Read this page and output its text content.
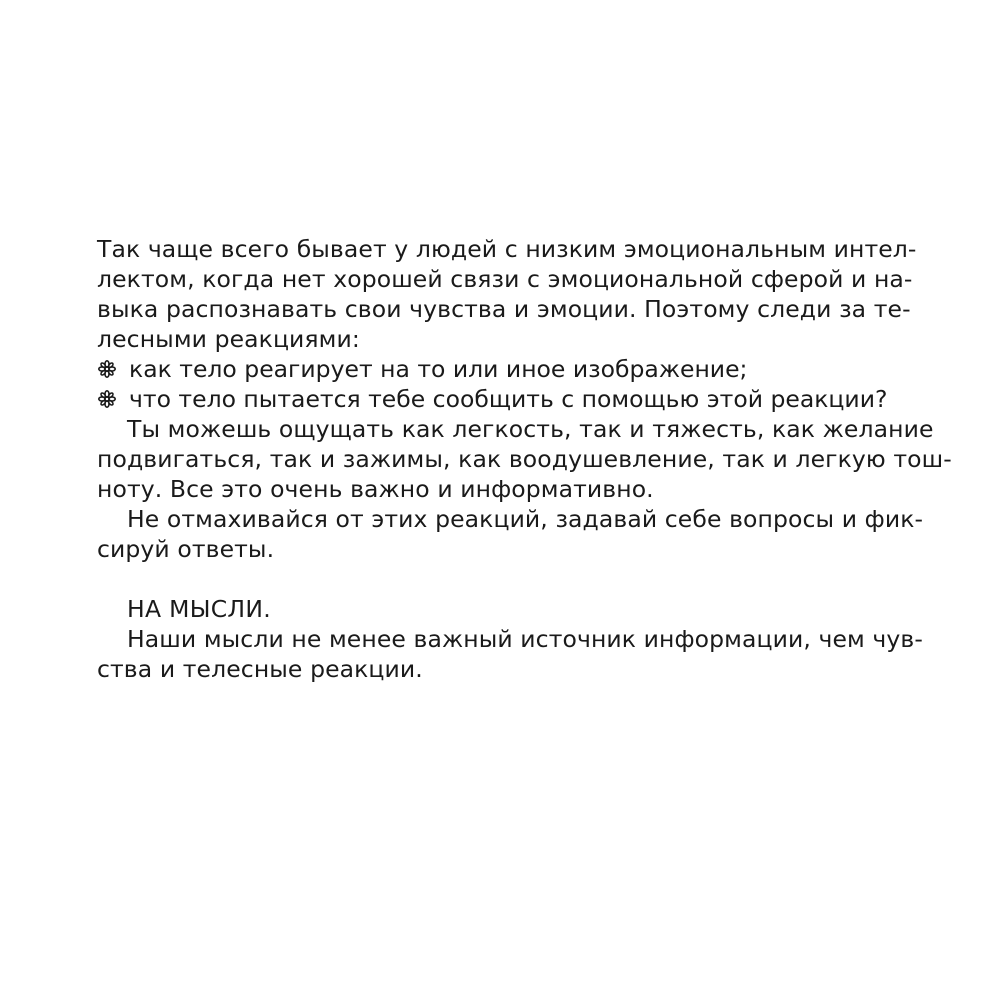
Так чаще всего бывает у людей с низким эмоциональным интел-
лектом, когда нет хорошей связи с эмоциональной сферой и на-
выка распознавать свои чувства и эмоции. Поэтому следи за те-
лесными реакциями:
как тело реагирует на то или иное изображение;
что тело пытается тебе сообщить с помощью этой реакции?
Ты можешь ощущать как легкость, так и тяжесть, как желание
подвигаться, так и зажимы, как воодушевление, так и легкую тош-
ноту. Все это очень важно и информативно.
Не отмахивайся от этих реакций, задавай себе вопросы и фик-
сируй ответы.
НА МЫСЛИ.
Наши мысли не менее важный источник информации, чем чув-
ства и телесные реакции.
